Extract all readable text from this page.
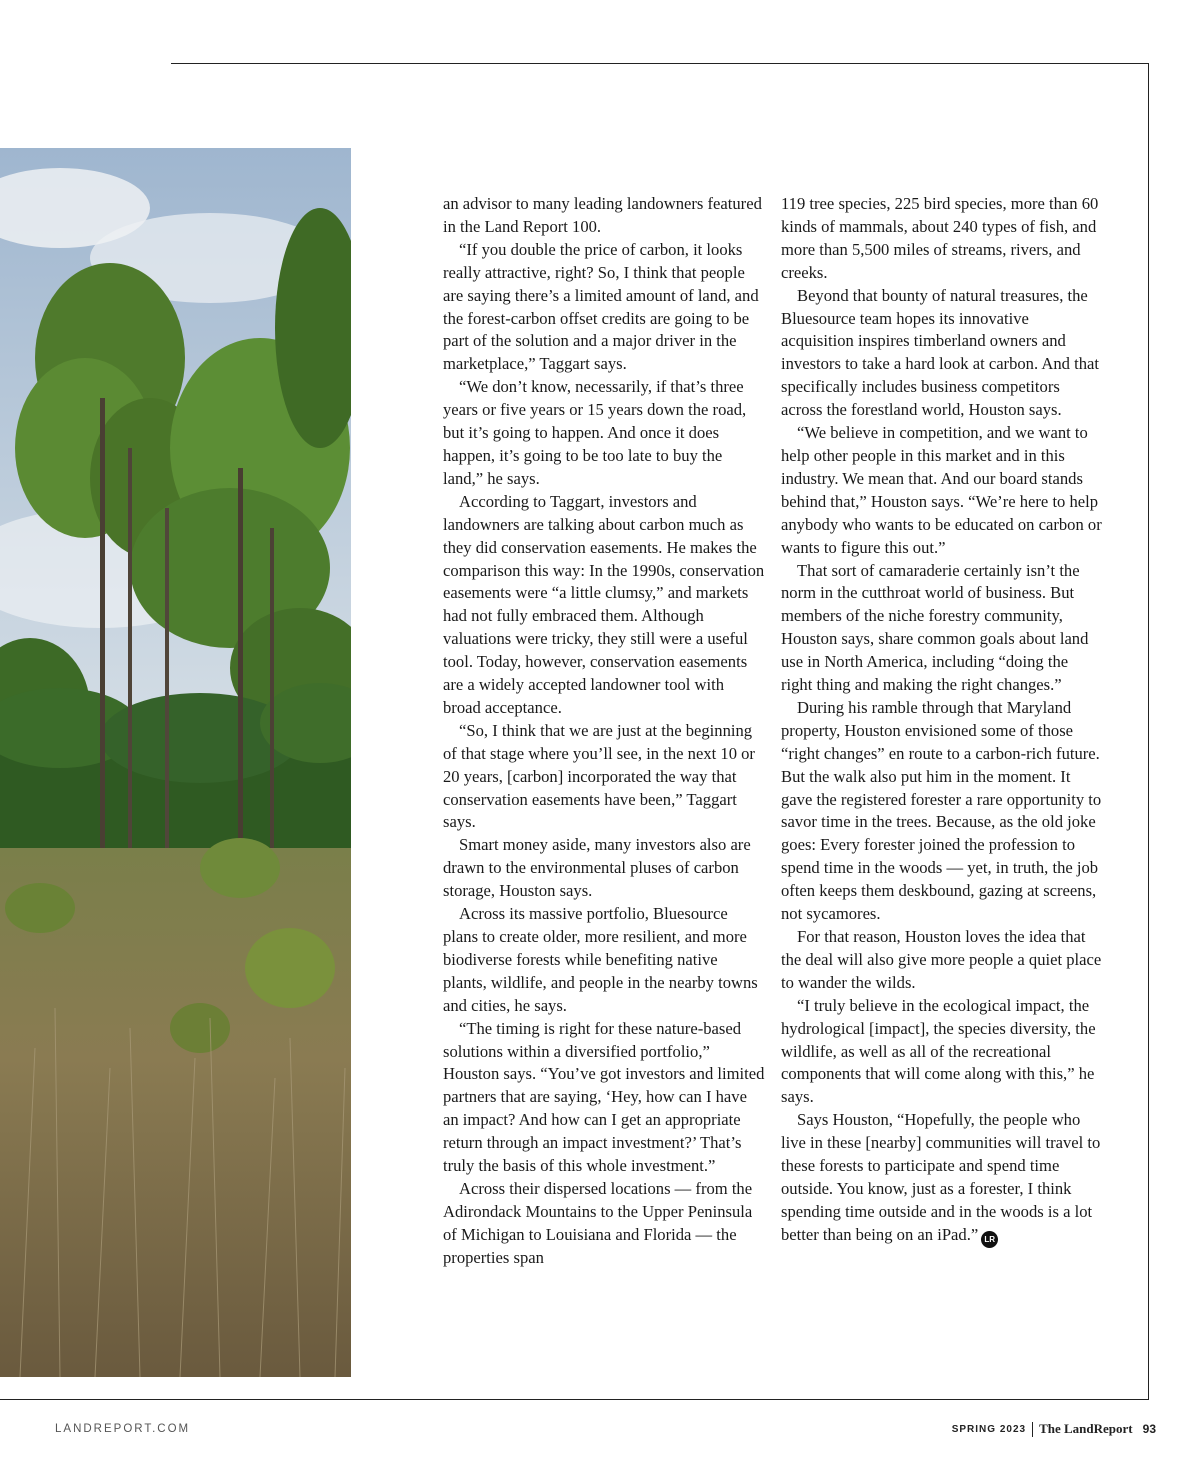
an advisor to many leading landowners featured in the Land Report 100.

“If you double the price of carbon, it looks really attractive, right? So, I think that people are saying there’s a limited amount of land, and the forest-carbon offset credits are going to be part of the solution and a major driver in the marketplace,” Taggart says.

“We don’t know, necessarily, if that’s three years or five years or 15 years down the road, but it’s going to happen. And once it does happen, it’s going to be too late to buy the land,” he says.

According to Taggart, investors and landowners are talking about carbon much as they did conservation easements. He makes the comparison this way: In the 1990s, conservation easements were “a little clumsy,” and markets had not fully embraced them. Although valuations were tricky, they still were a useful tool. Today, however, conservation easements are a widely accepted landowner tool with broad acceptance.

“So, I think that we are just at the beginning of that stage where you’ll see, in the next 10 or 20 years, [carbon] incorporated the way that conservation easements have been,” Taggart says.

Smart money aside, many investors also are drawn to the environmental pluses of carbon storage, Houston says.

Across its massive portfolio, Bluesource plans to create older, more resilient, and more biodiverse forests while benefiting native plants, wildlife, and people in the nearby towns and cities, he says.

“The timing is right for these nature-based solutions within a diversified portfolio,” Houston says. “You’ve got investors and limited partners that are saying, ‘Hey, how can I have an impact? And how can I get an appropriate return through an impact investment?’ That’s truly the basis of this whole investment.”

Across their dispersed locations — from the Adirondack Mountains to the Upper Peninsula of Michigan to Louisiana and Florida — the properties span

119 tree species, 225 bird species, more than 60 kinds of mammals, about 240 types of fish, and more than 5,500 miles of streams, rivers, and creeks.

Beyond that bounty of natural treasures, the Bluesource team hopes its innovative acquisition inspires timberland owners and investors to take a hard look at carbon. And that specifically includes business competitors across the forestland world, Houston says.

“We believe in competition, and we want to help other people in this market and in this industry. We mean that. And our board stands behind that,” Houston says. “We’re here to help anybody who wants to be educated on carbon or wants to figure this out.”

That sort of camaraderie certainly isn’t the norm in the cutthroat world of business. But members of the niche forestry community, Houston says, share common goals about land use in North America, including “doing the right thing and making the right changes.”

During his ramble through that Maryland property, Houston envisioned some of those “right changes” en route to a carbon-rich future. But the walk also put him in the moment. It gave the registered forester a rare opportunity to savor time in the trees. Because, as the old joke goes: Every forester joined the profession to spend time in the woods — yet, in truth, the job often keeps them deskbound, gazing at screens, not sycamores.

For that reason, Houston loves the idea that the deal will also give more people a quiet place to wander the wilds.

“I truly believe in the ecological impact, the hydrological [impact], the species diversity, the wildlife, as well as all of the recreational components that will come along with this,” he says.

Says Houston, “Hopefully, the people who live in these [nearby] communities will travel to these forests to participate and spend time outside. You know, just as a forester, I think spending time outside and in the woods is a lot better than being on an iPad.” LR

LANDREPORT.COM	SPRING 2023 The LandReport 93
